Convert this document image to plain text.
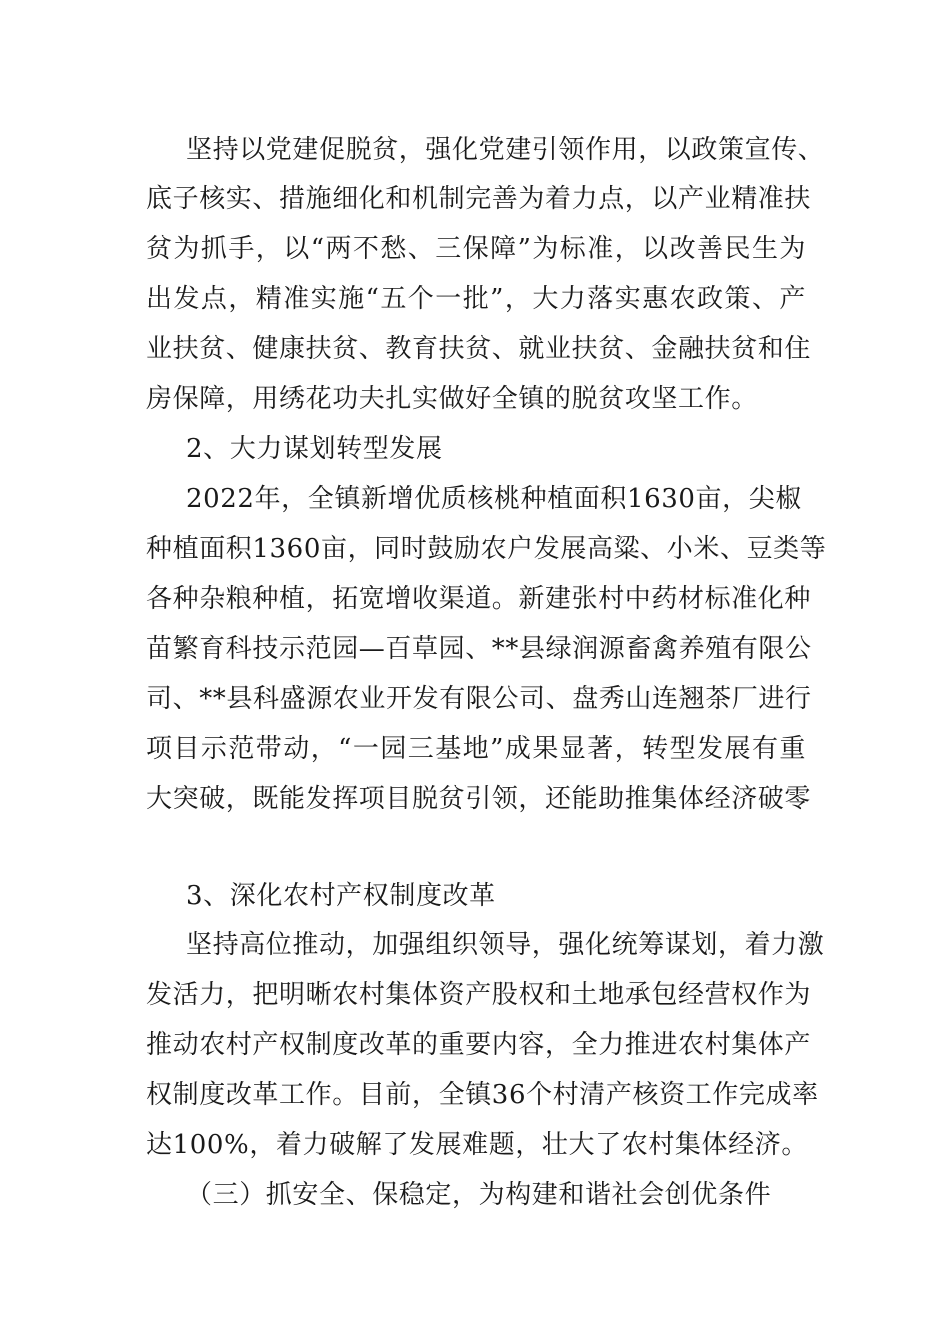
坚持以党建促脱贫，强化党建引领作用，以政策宣传、
底子核实、措施细化和机制完善为着力点，以产业精准扶
贫为抓手，以“两不愁、三保障”为标准，以改善民生为
出发点，精准实施“五个一批”，大力落实惠农政策、产
业扶贫、健康扶贫、教育扶贫、就业扶贫、金融扶贫和住
房保障，用绣花功夫扎实做好全镇的脱贫攻坚工作。
2、大力谋划转型发展
2022年，全镇新增优质核桃种植面积1630亩，尖椒
种植面积1360亩，同时鼓励农户发展高粱、小米、豆类等
各种杂粮种植，拓宽增收渠道。新建张村中药材标准化种
苗繁育科技示范园—百草园、**县绿润源畜禽养殖有限公
司、**县科盛源农业开发有限公司、盘秀山连翘茶厂进行
项目示范带动，“一园三基地”成果显著，转型发展有重
大突破，既能发挥项目脱贫引领，还能助推集体经济破零
3、深化农村产权制度改革
坚持高位推动，加强组织领导，强化统筹谋划，着力激
发活力，把明晰农村集体资产股权和土地承包经营权作为
推动农村产权制度改革的重要内容，全力推进农村集体产
权制度改革工作。目前，全镇36个村清产核资工作完成率
达100%，着力破解了发展难题，壮大了农村集体经济。
（三）抓安全、保稳定，为构建和谐社会创优条件
